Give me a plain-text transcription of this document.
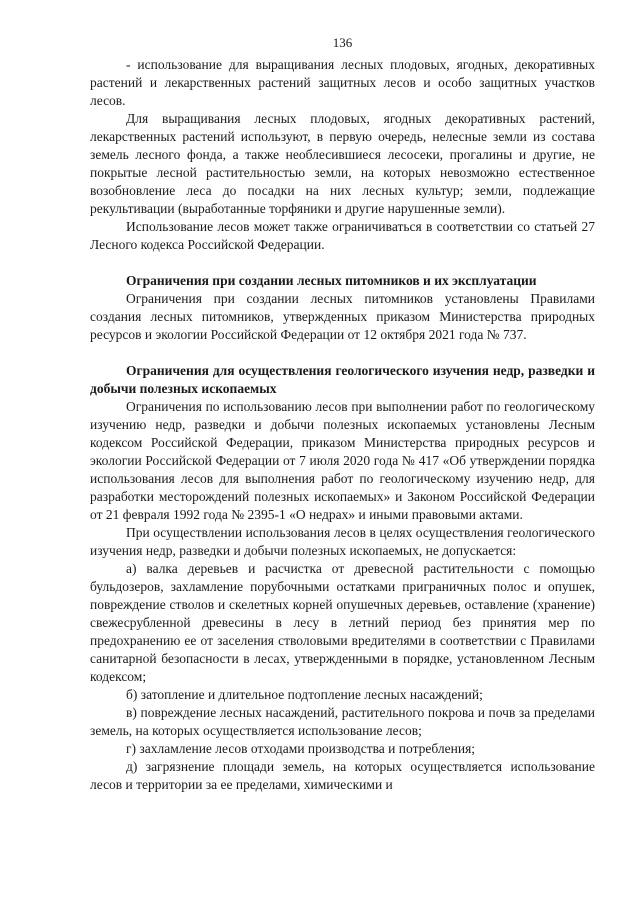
136

- использование для выращивания лесных плодовых, ягодных, декоративных растений и лекарственных растений защитных лесов и особо защитных участков лесов.

Для выращивания лесных плодовых, ягодных декоративных растений, лекарственных растений используют, в первую очередь, нелесные земли из состава земель лесного фонда, а также необлесившиеся лесосеки, прогалины и другие, не покрытые лесной растительностью земли, на которых невозможно естественное возобновление леса до посадки на них лесных культур; земли, подлежащие рекультивации (выработанные торфяники и другие нарушенные земли).

Использование лесов может также ограничиваться в соответствии со статьей 27 Лесного кодекса Российской Федерации.

Ограничения при создании лесных питомников и их эксплуатации

Ограничения при создании лесных питомников установлены Правилами создания лесных питомников, утвержденных приказом Министерства природных ресурсов и экологии Российской Федерации от 12 октября 2021 года № 737.

Ограничения для осуществления геологического изучения недр, разведки и добычи полезных ископаемых

Ограничения по использованию лесов при выполнении работ по геологическому изучению недр, разведки и добычи полезных ископаемых установлены Лесным кодексом Российской Федерации, приказом Министерства природных ресурсов и экологии Российской Федерации от 7 июля 2020 года № 417 «Об утверждении порядка использования лесов для выполнения работ по геологическому изучению недр, для разработки месторождений полезных ископаемых» и Законом Российской Федерации от 21 февраля 1992 года № 2395-1 «О недрах» и иными правовыми актами.

При осуществлении использования лесов в целях осуществления геологического изучения недр, разведки и добычи полезных ископаемых, не допускается:

а) валка деревьев и расчистка от древесной растительности с помощью бульдозеров, захламление порубочными остатками приграничных полос и опушек, повреждение стволов и скелетных корней опушечных деревьев, оставление (хранение) свежесрубленной древесины в лесу в летний период без принятия мер по предохранению ее от заселения стволовыми вредителями в соответствии с Правилами санитарной безопасности в лесах, утвержденными в порядке, установленном Лесным кодексом;

б) затопление и длительное подтопление лесных насаждений;

в) повреждение лесных насаждений, растительного покрова и почв за пределами земель, на которых осуществляется использование лесов;

г) захламление лесов отходами производства и потребления;

д) загрязнение площади земель, на которых осуществляется использование лесов и территории за ее пределами, химическими и
